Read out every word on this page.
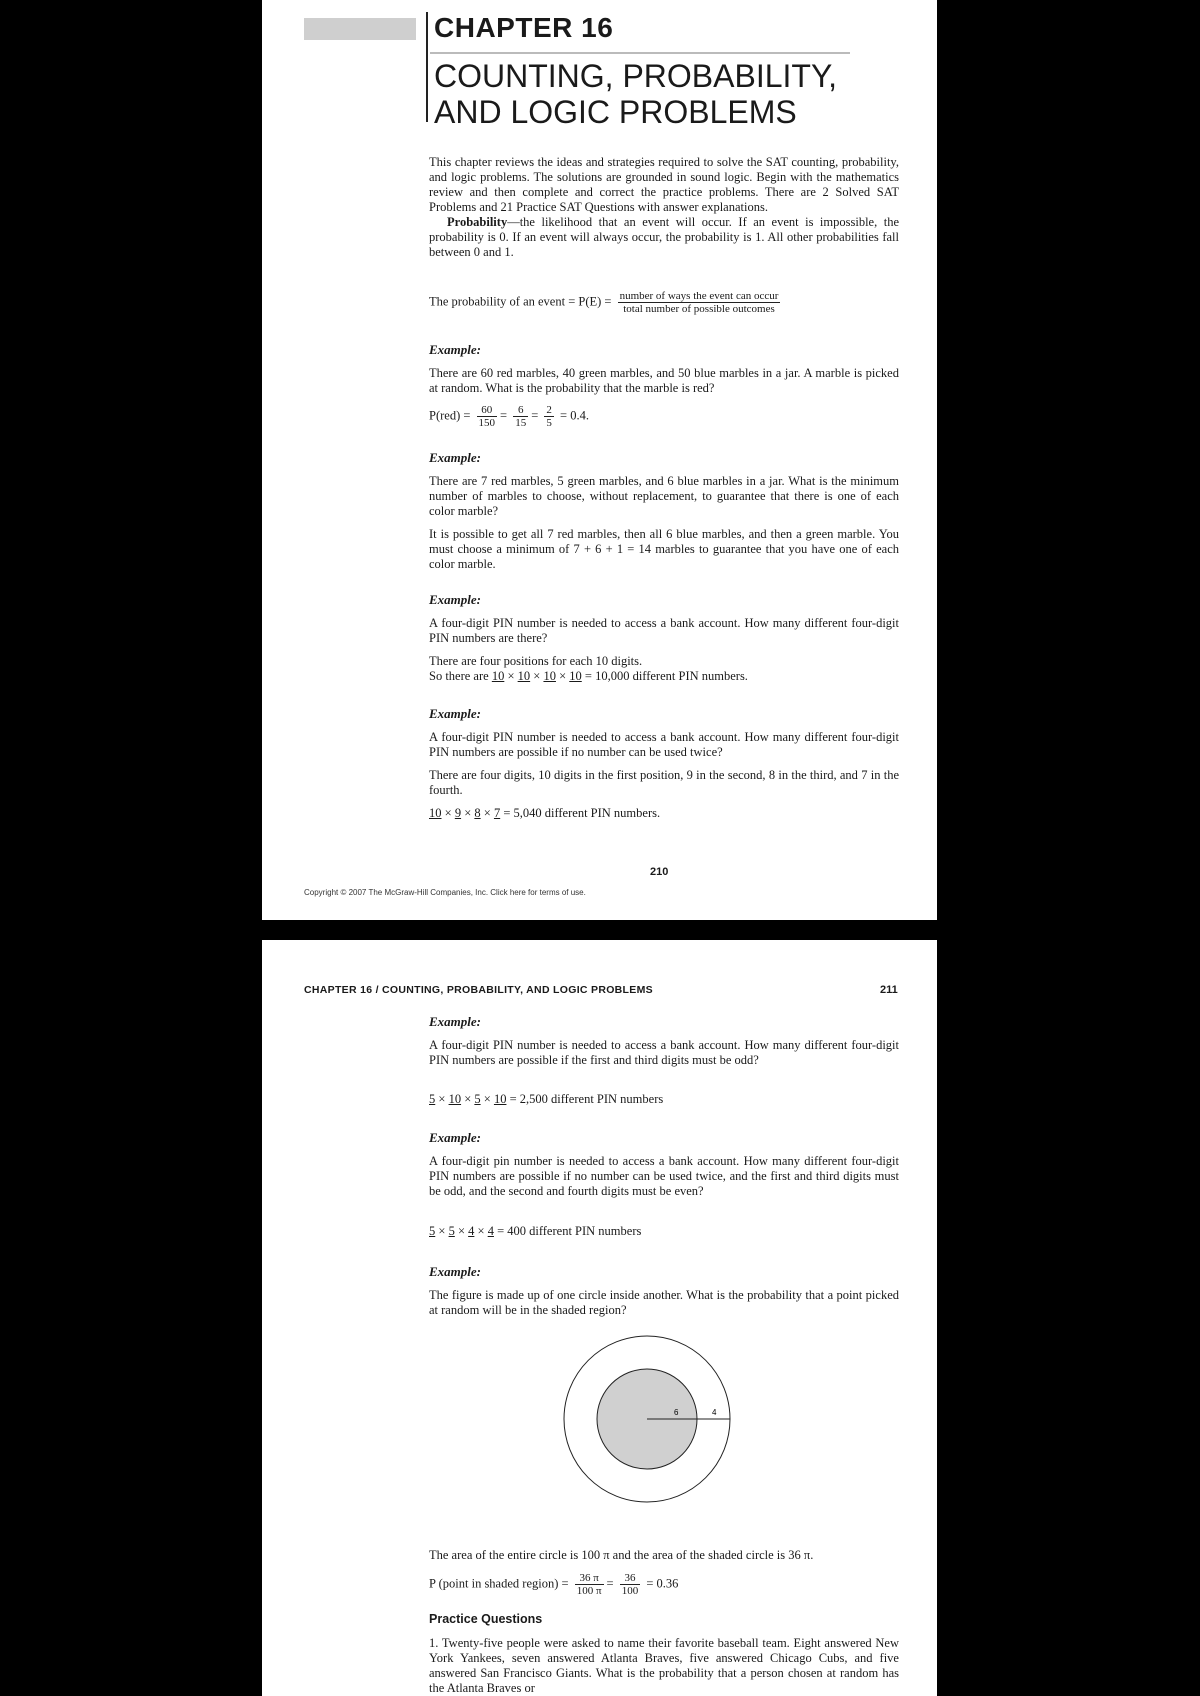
CHAPTER 16
COUNTING, PROBABILITY,
AND LOGIC PROBLEMS

This chapter reviews the ideas and strategies required to solve the SAT counting, probability, and logic problems. The solutions are grounded in sound logic. Begin with the mathematics review and then complete and correct the practice problems. There are 2 Solved SAT Problems and 21 Practice SAT Questions with answer explanations.

Probability—the likelihood that an event will occur. If an event is impossible, the probability is 0. If an event will always occur, the probability is 1. All other probabilities fall between 0 and 1.

The probability of an event = $P(E) = \frac{\text{number of ways the event can occur}}{\text{total number of possible outcomes}}$
Example:
There are 60 red marbles, 40 green marbles, and 50 blue marbles in a jar. A marble is picked at random. What is the probability that the marble is red?
$P(red) = \frac{60}{150} = \frac{6}{15} = \frac{2}{5} = 0.4$.
Example:
There are 7 red marbles, 5 green marbles, and 6 blue marbles in a jar. What is the minimum number of marbles to choose, without replacement, to guarantee that there is one of each color marble?
It is possible to get all 7 red marbles, then all 6 blue marbles, and then a green marble. You must choose a minimum of 7 + 6 + 1 = 14 marbles to guarantee that you have one of each color marble.
Example:
A four-digit PIN number is needed to access a bank account. How many different four-digit PIN numbers are there?

There are four positions for each 10 digits.

So there are 10 × 10 × 10 × 10 = 10,000 different PIN numbers.

Example:
A four-digit PIN number is needed to access a bank account. How many different four-digit PIN numbers are possible if no number can be used twice?
There are four digits, 10 digits in the first position, 9 in the second, 8 in the third, and 7 in the fourth.
10 × 9 × 8 × 7 = 5,040 different PIN numbers.
210
Copyright © 2007 The McGraw-Hill Companies, Inc. Click here for terms of use.
CHAPTER 16 / COUNTING, PROBABILITY, AND LOGIC PROBLEMS	211
Example:
A four-digit PIN number is needed to access a bank account. How many different four-digit PIN numbers are possible if the first and third digits must be odd?
5 × 10 × 5 × 10 = 2,500 different PIN numbers
Example:
A four-digit pin number is needed to access a bank account. How many different four-digit PIN numbers are possible if no number can be used twice, and the first and third digits must be odd, and the second and fourth digits must be even?
5 × 5 × 4 × 4 = 400 different PIN numbers
Example:
The figure is made up of one circle inside another. What is the probability that a point picked at random will be in the shaded region?
6	4
The area of the entire circle is 100 π and the area of the shaded circle is 36 π.
P (point in shaded region) = $\frac{36 \pi}{100 \pi} = \frac{36}{100} = 0.36$
Practice Questions
1. Twenty-five people were asked to name their favorite baseball team. Eight answered New York Yankees, seven answered Atlanta Braves, five answered Chicago Cubs, and five answered San Francisco Giants. What is the probability that a person chosen at random has the Atlanta Braves or
